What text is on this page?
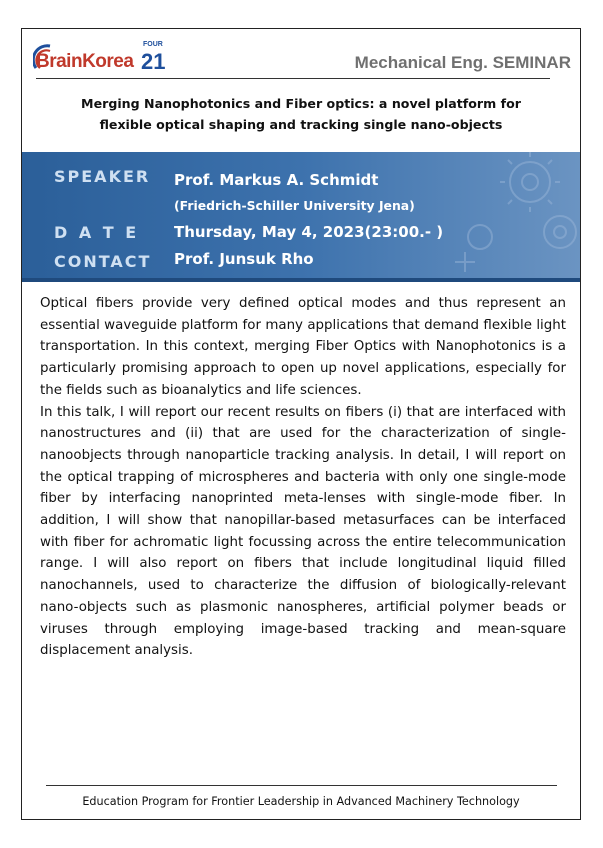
BrainKorea
FOUR
21	Mechanical Eng. SEMINAR
Merging Nanophotonics and Fiber optics: a novel platform for
flexible optical shaping and tracking single nano-objects
SPEAKER Prof. Markus A. Schmidt
(Friedrich-Schiller University Jena)
D A T E Thursday, May 4, 2023(23:00.- )
CONTACT Prof. Junsuk Rho

Optical fibers provide very defined optical modes and thus represent an essential waveguide platform for many applications that demand flexible light transportation. In this context, merging Fiber Optics with Nanophotonics is a particularly promising approach to open up novel applications, especially for the fields such as bioanalytics and life sciences.

In this talk, I will report our recent results on fibers (i) that are interfaced with nanostructures and (ii) that are used for the characterization of single-nanoobjects through nanoparticle tracking analysis. In detail, I will report on the optical trapping of microspheres and bacteria with only one single-mode fiber by interfacing nanoprinted meta-lenses with single-mode fiber. In addition, I will show that nanopillar-based metasurfaces can be interfaced with fiber for achromatic light focussing across the entire telecommunication range. I will also report on fibers that include longitudinal liquid filled nanochannels, used to characterize the diffusion of biologically-relevant nano-objects such as plasmonic nanospheres, artificial polymer beads or viruses through employing image-based tracking and mean-square displacement analysis.

Education Program for Frontier Leadership in Advanced Machinery Technology
